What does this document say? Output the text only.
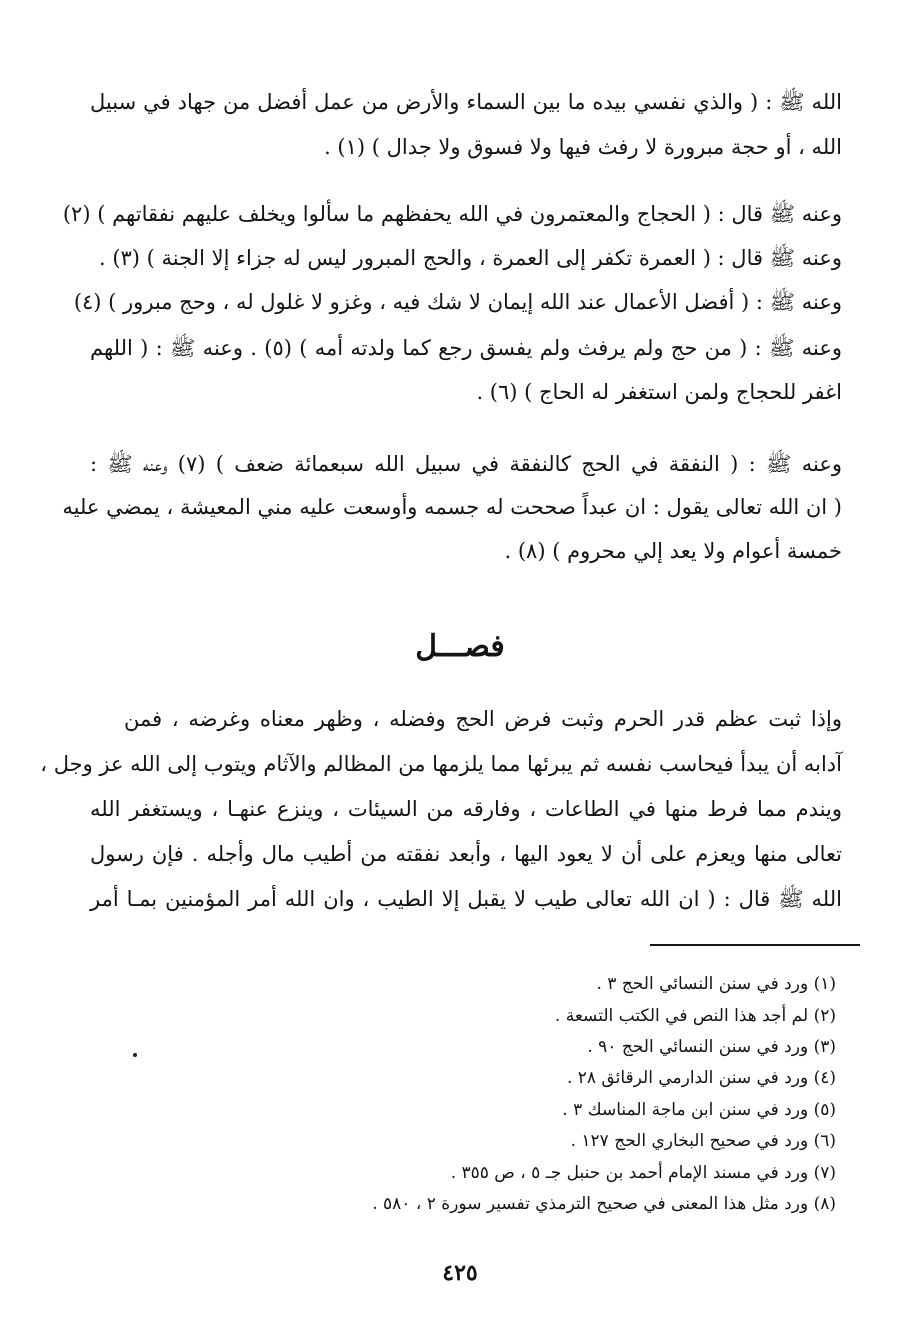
الله ﷺ : ( والذي نفسي بيده ما بين السماء والأرض من عمل أفضل من جهاد في سبيل
الله ، أو حجة مبرورة لا رفث فيها ولا فسوق ولا جدال ) (١) .
وعنه ﷺ قال : ( الحجاج والمعتمرون في الله يحفظهم ما سألوا ويخلف عليهم نفقاتهم ) (٢)
وعنه ﷺ قال : ( العمرة تكفر إلى العمرة ، والحج المبرور ليس له جزاء إلا الجنة ) (٣) .
وعنه ﷺ : ( أفضل الأعمال عند الله إيمان لا شك فيه ، وغزو لا غلول له ، وحج مبرور ) (٤)
وعنه ﷺ : ( من حج ولم يرفث ولم يفسق رجع كما ولدته أمه ) (٥) . وعنه ﷺ : ( اللهم
اغفر للحجاج ولمن استغفر له الحاج ) (٦) .
وعنه ﷺ : ( النفقة في الحج كالنفقة في سبيل الله سبعمائة ضعف ) (٧) وعنه ﷺ :
( ان الله تعالى يقول : ان عبداً صححت له جسمه وأوسعت عليه مني المعيشة ، يمضي عليه
خمسة أعوام ولا يعد إلي محروم ) (٨) .
فصـــل
وإذا ثبت عظم قدر الحرم وثبت فرض الحج وفضله ، وظهر معناه وغرضه ، فمن
آدابه أن يبدأ فيحاسب نفسه ثم يبرئها مما يلزمها من المظالم والآثام ويتوب إلى الله عز وجل ،
ويندم مما فرط منها في الطاعات ، وفارقه من السيئات ، وينزع عنهـا ، ويستغفر الله
تعالى منها ويعزم على أن لا يعود اليها ، وأبعد نفقته من أطيب مال وأجله . فإن رسول
الله ﷺ قال : ( ان الله تعالى طيب لا يقبل إلا الطيب ، وان الله أمر المؤمنين بمـا أمر
(١) ورد في سنن النسائي الحج ٣ .
(٢) لم أجد هذا النص في الكتب التسعة .
(٣) ورد في سنن النسائي الحج ٩٠ .
(٤) ورد في سنن الدارمي الرقائق ٢٨ .
(٥) ورد في سنن ابن ماجة المناسك ٣ .
(٦) ورد في صحيح البخاري الحج ١٢٧ .
(٧) ورد في مسند الإمام أحمد بن حنبل جـ ٥ ، ص ٣٥٥ .
(٨) ورد مثل هذا المعنى في صحيح الترمذي تفسير سورة ٢ ، ٥٨٠ .
٤٢٥
